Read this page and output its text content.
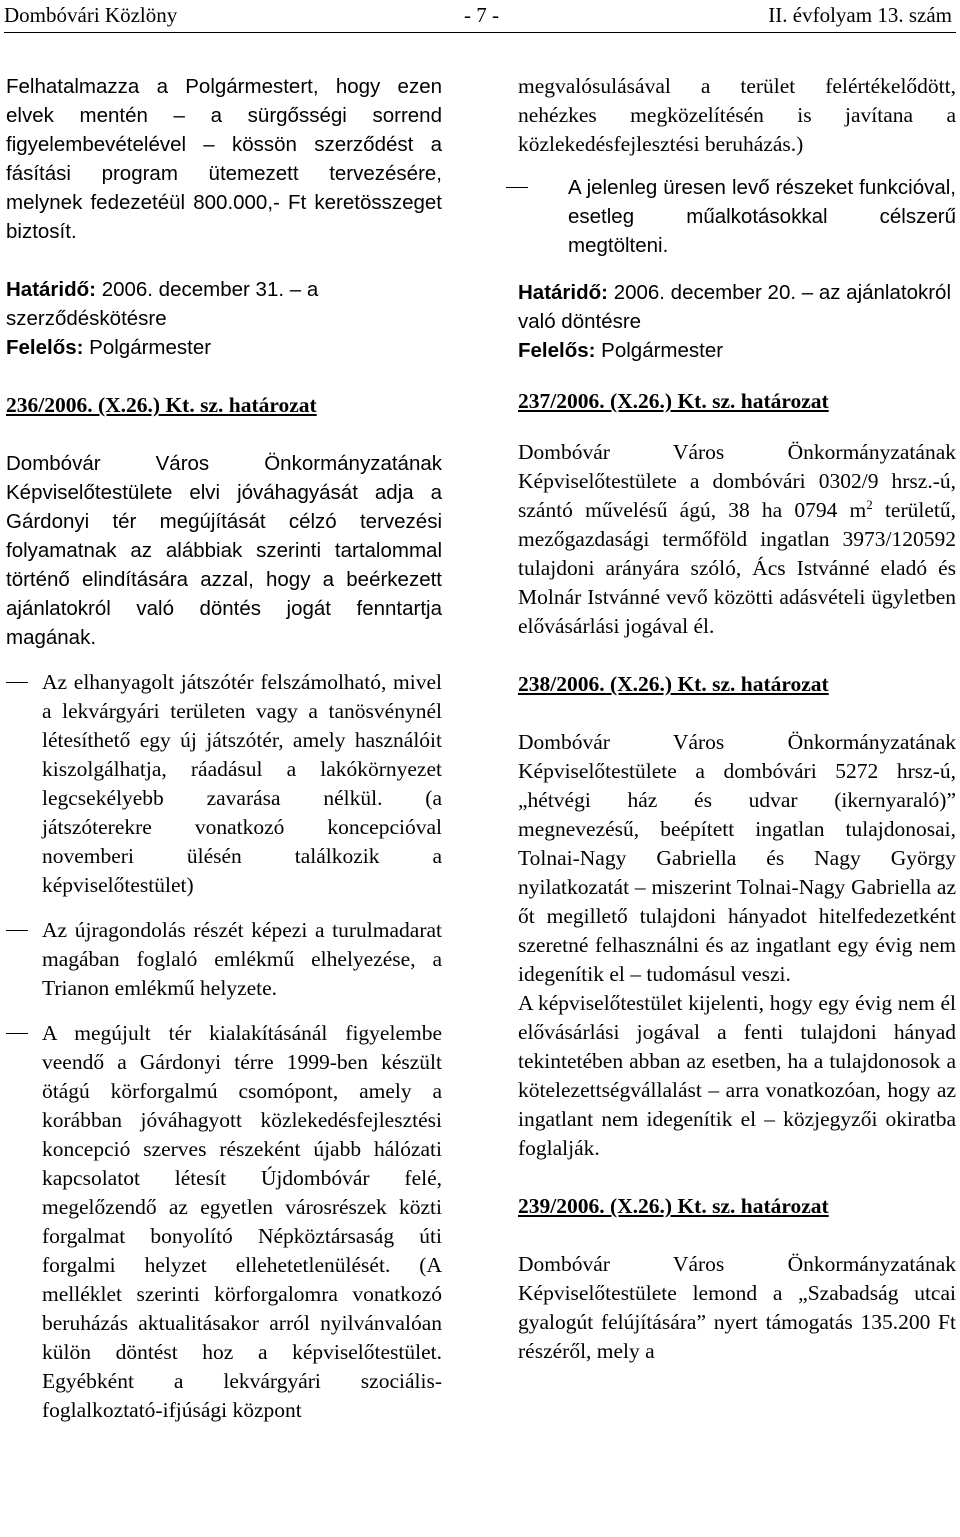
Dombóvári Közlöny	- 7 -	II. évfolyam 13. szám

Felhatalmazza a Polgármestert, hogy ezen elvek mentén – a sürgősségi sorrend figyelembevételével – kössön szerződést a fásítási program ütemezett tervezésére, melynek fedezetéül 800.000,- Ft keretösszeget biztosít.

Határidő: 2006. december 31. – a szerződéskötésre

Felelős: Polgármester

236/2006. (X.26.) Kt. sz. határozat

Dombóvár Város Önkormányzatának Képviselőtestülete elvi jóváhagyását adja a Gárdonyi tér megújítását célzó tervezési folyamatnak az alábbiak szerinti tartalommal történő elindítására azzal, hogy a beérkezett ajánlatokról való döntés jogát fenntartja magának.

Az elhanyagolt játszótér felszámolható, mivel a lekvárgyári területen vagy a tanösvénynél létesíthető egy új játszótér, amely használóit kiszolgálhatja, ráadásul a lakókörnyezet legcsekélyebb zavarása nélkül. (a játszóterekre vonatkozó koncepcióval novemberi ülésén találkozik a képviselőtestület)

Az újragondolás részét képezi a turulmadarat magában foglaló emlékmű elhelyezése, a Trianon emlékmű helyzete.

A megújult tér kialakításánál figyelembe veendő a Gárdonyi térre 1999-ben készült ötágú körforgalmú csomópont, amely a korábban jóváhagyott közlekedésfejlesztési koncepció szerves részeként újabb hálózati kapcsolatot létesít Újdombóvár felé, megelőzendő az egyetlen városrészek közti forgalmat bonyolító Népköztársaság úti forgalmi helyzet ellehetetlenülését. (A melléklet szerinti körforgalomra vonatkozó beruházás aktualitásakor arról nyilvánvalóan külön döntést hoz a képviselőtestület. Egyébként a lekvárgyári szociális-foglalkoztató-ifjúsági központ

megvalósulásával a terület felértékelődött, nehézkes megközelítésén is javítana a közlekedésfejlesztési beruházás.)

A jelenleg üresen levő részeket funkcióval, esetleg műalkotásokkal célszerű megtölteni.

Határidő: 2006. december 20. – az ajánlatokról való döntésre

Felelős: Polgármester

237/2006. (X.26.) Kt. sz. határozat

Dombóvár Város Önkormányzatának Képviselőtestülete a dombóvári 0302/9 hrsz.-ú, szántó művelésű ágú, 38 ha 0794 $m^2$ területű, mezőgazdasági termőföld ingatlan 3973/120592 tulajdoni arányára szóló, Ács Istvánné eladó és Molnár Istvánné vevő közötti adásvételi ügyletben elővásárlási jogával él.

238/2006. (X.26.) Kt. sz. határozat

Dombóvár Város Önkormányzatának Képviselőtestülete a dombóvári 5272 hrsz-ú, „hétvégi ház és udvar (ikernyaraló)” megnevezésű, beépített ingatlan tulajdonosai, Tolnai-Nagy Gabriella és Nagy György nyilatkozatát – miszerint Tolnai-Nagy Gabriella az őt megillető tulajdoni hányadot hitelfedezetként szeretné felhasználni és az ingatlant egy évig nem idegenítik el – tudomásul veszi.

A képviselőtestület kijelenti, hogy egy évig nem él elővásárlási jogával a fenti tulajdoni hányad tekintetében abban az esetben, ha a tulajdonosok a kötelezettségvállalást – arra vonatkozóan, hogy az ingatlant nem idegenítik el – közjegyzői okiratba foglalják.

239/2006. (X.26.) Kt. sz. határozat

Dombóvár Város Önkormányzatának Képviselőtestülete lemond a „Szabadság utcai gyalogút felújítására” nyert támogatás 135.200 Ft részéről, mely a
